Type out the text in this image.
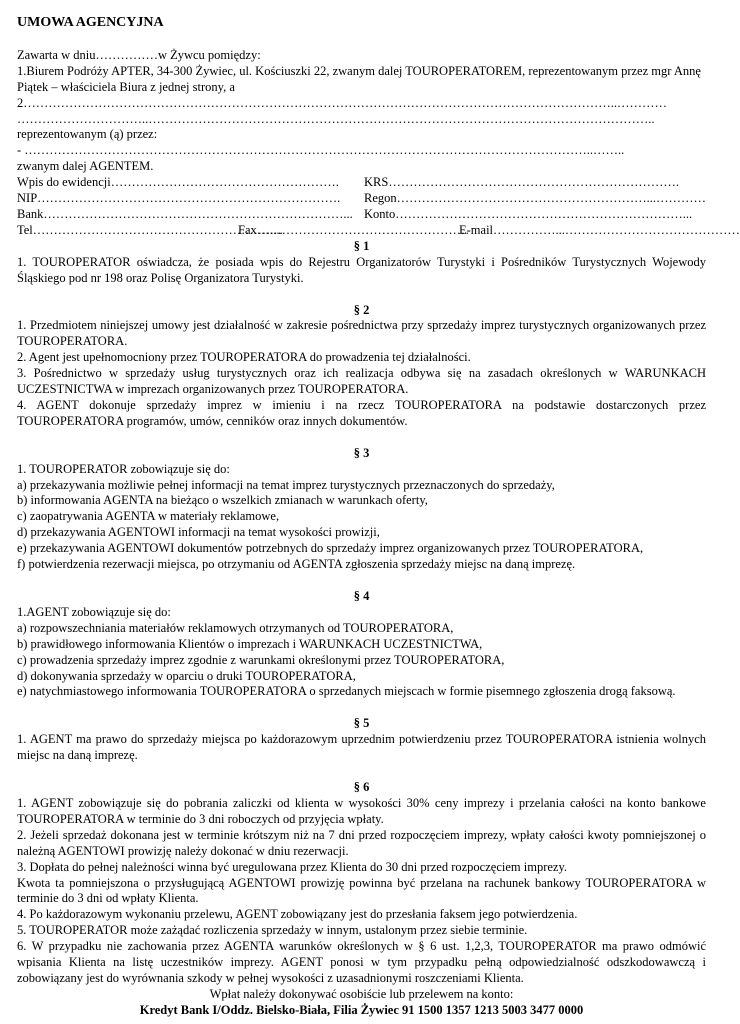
UMOWA AGENCYJNA
Zawarta w dniu……………w Żywcu pomiędzy:
1.Biurem Podróży APTER, 34-300 Żywiec, ul. Kościuszki 22, zwanym dalej TOUROPERATOREM, reprezentowanym przez mgr Annę Piątek – właściciela Biura z jednej strony, a
2……………………………………………………………………………………………………………………………..…………
…………………………..…………………………………………………………………………………………………………..
reprezentowanym (ą) przez:
- ………………………………………………………………………………………………………………………..……..
zwanym dalej AGENTEM.
Wpis do ewidencji……………………………………………….	KRS…………………………………………………………….
NIP……………………………………………………………….	Regon……………………………………………………...…………
Bank………………………………………………………………... Konto……………………………………………………………...
Tel…………………………………………………....
Fax……………………………………………
E-mail……………...……………………………………
§ 1
1. TOUROPERATOR oświadcza, że posiada wpis do Rejestru Organizatorów Turystyki i Pośredników Turystycznych Wojewody Śląskiego pod nr 198 oraz Polisę Organizatora Turystyki.
§ 2
1. Przedmiotem niniejszej umowy jest działalność w zakresie pośrednictwa przy sprzedaży imprez turystycznych organizowanych przez TOUROPERATORA.
2. Agent jest upełnomocniony przez TOUROPERATORA do prowadzenia tej działalności.
3. Pośrednictwo w sprzedaży usług turystycznych oraz ich realizacja odbywa się na zasadach określonych w WARUNKACH UCZESTNICTWA w imprezach organizowanych przez TOUROPERATORA.
4. AGENT dokonuje sprzedaży imprez w imieniu i na rzecz TOUROPERATORA na podstawie dostarczonych przez TOUROPERATORA programów, umów, cenników oraz innych dokumentów.
§ 3
1. TOUROPERATOR zobowiązuje się do:
a) przekazywania możliwie pełnej informacji na temat imprez turystycznych przeznaczonych do sprzedaży,
b) informowania AGENTA na bieżąco o wszelkich zmianach w warunkach oferty,
c) zaopatrywania AGENTA w materiały reklamowe,
d) przekazywania AGENTOWI informacji na temat wysokości prowizji,
e) przekazywania AGENTOWI dokumentów potrzebnych do sprzedaży imprez organizowanych przez TOUROPERATORA,
f) potwierdzenia rezerwacji miejsca, po otrzymaniu od AGENTA zgłoszenia sprzedaży miejsc na daną imprezę.
§ 4
1.AGENT zobowiązuje się do:
a) rozpowszechniania materiałów reklamowych otrzymanych od TOUROPERATORA,
b) prawidłowego informowania Klientów o imprezach i WARUNKACH UCZESTNICTWA,
c) prowadzenia sprzedaży imprez zgodnie z warunkami określonymi przez TOUROPERATORA,
d) dokonywania sprzedaży w oparciu o druki TOUROPERATORA,
e) natychmiastowego informowania TOUROPERATORA o sprzedanych miejscach w formie pisemnego zgłoszenia drogą faksową.
§ 5
1. AGENT ma prawo do sprzedaży miejsca po każdorazowym uprzednim potwierdzeniu przez TOUROPERATORA istnienia wolnych miejsc na daną imprezę.
§ 6
1. AGENT zobowiązuje się do pobrania zaliczki od klienta w wysokości 30% ceny imprezy i przelania całości na konto bankowe TOUROPERATORA w terminie do 3 dni roboczych od przyjęcia wpłaty.
2. Jeżeli sprzedaż dokonana jest w terminie krótszym niż na 7 dni przed rozpoczęciem imprezy, wpłaty całości kwoty pomniejszonej o należną AGENTOWI prowizję należy dokonać w dniu rezerwacji.
3. Dopłata do pełnej należności winna być uregulowana przez Klienta do 30 dni przed rozpoczęciem imprezy.
Kwota ta pomniejszona o przysługującą AGENTOWI prowizję powinna być przelana na rachunek bankowy TOUROPERATORA w terminie do 3 dni od wpłaty Klienta.
4. Po każdorazowym wykonaniu przelewu, AGENT zobowiązany jest do przesłania faksem jego potwierdzenia.
5. TOUROPERATOR może zażądać rozliczenia sprzedaży w innym, ustalonym przez siebie terminie.
6. W przypadku nie zachowania przez AGENTA warunków określonych w § 6 ust. 1,2,3, TOUROPERATOR ma prawo odmówić wpisania Klienta na listę uczestników imprezy. AGENT ponosi w tym przypadku pełną odpowiedzialność odszkodowawczą i zobowiązany jest do wyrównania szkody w pełnej wysokości z uzasadnionymi roszczeniami Klienta.
Wpłat należy dokonywać osobiście lub przelewem na konto:
Kredyt Bank I/Oddz. Bielsko-Biała, Filia Żywiec 91 1500 1357 1213 5003 3477 0000
